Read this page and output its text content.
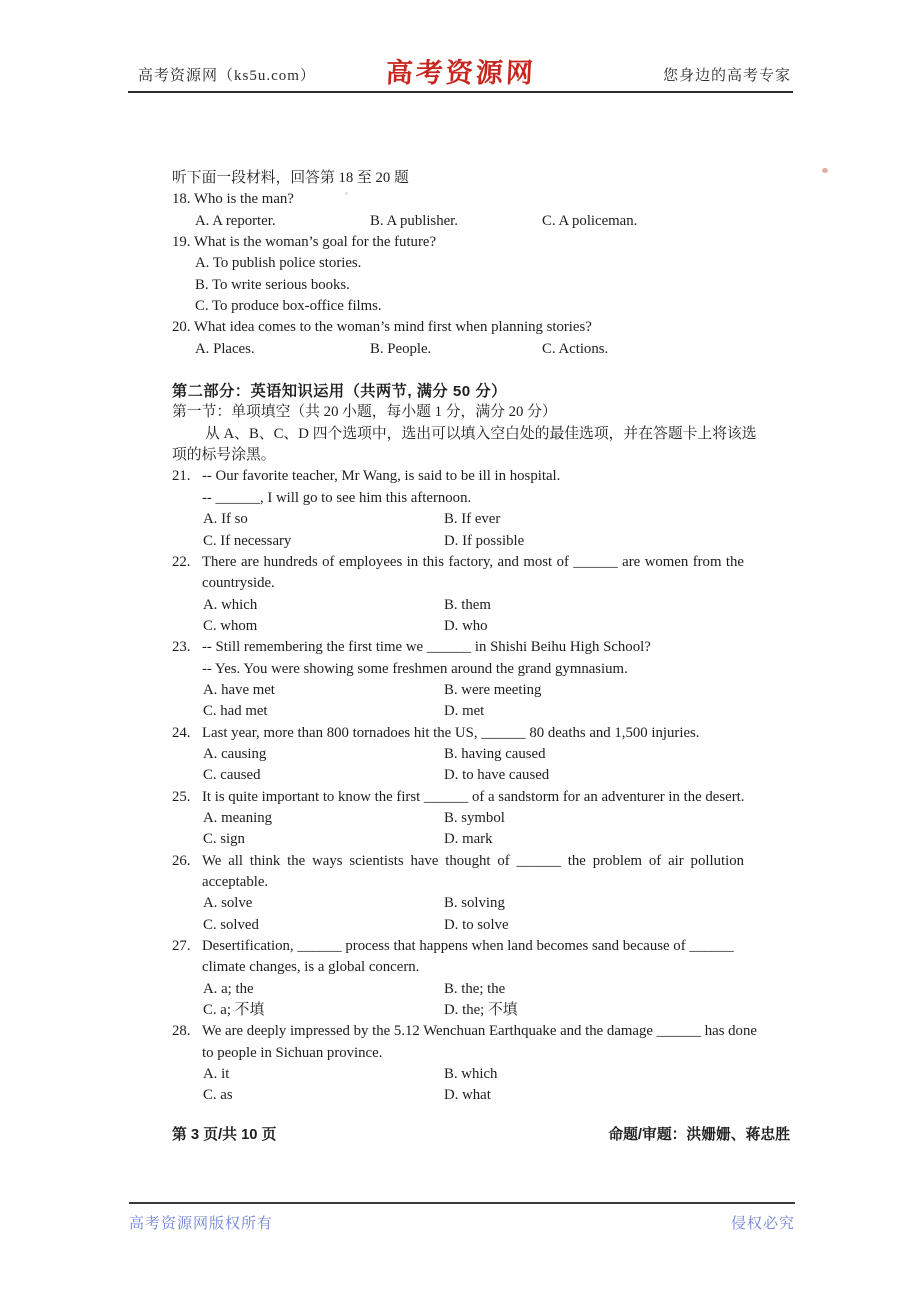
高考资源网（ks5u.com）	高考资源网	您身边的高考专家
听下面一段材料，回答第 18 至 20 题
18. Who is the man?
A. A reporter.	B. A publisher.	C. A policeman.
19. What is the woman’s goal for the future?
A. To publish police stories.
B. To write serious books.
C. To produce box-office films.
20. What idea comes to the woman’s mind first when planning stories?
A. Places.	B. People.	C. Actions.
第二部分：英语知识运用（共两节, 满分 50 分）
第一节：单项填空（共 20 小题，每小题 1 分，满分 20 分）
从 A、B、C、D 四个选项中，选出可以填入空白处的最佳选项，并在答题卡上将该选
项的标号涂黑。
21. -- Our favorite teacher, Mr Wang, is said to be ill in hospital.
-- ______, I will go to see him this afternoon.
A. If so	B. If ever
C. If necessary	D. If possible
22. There are hundreds of employees in this factory, and most of ______ are women from the
countryside.
A. which	B. them
C. whom	D. who
23. -- Still remembering the first time we ______ in Shishi Beihu High School?
-- Yes. You were showing some freshmen around the grand gymnasium.
A. have met	B. were meeting
C. had met	D. met
24. Last year, more than 800 tornadoes hit the US, ______ 80 deaths and 1,500 injuries.
A. causing	B. having caused
C. caused	D. to have caused
25. It is quite important to know the first ______ of a sandstorm for an adventurer in the desert.
A. meaning	B. symbol
C. sign	D. mark
26. We all think the ways scientists have thought of ______ the problem of air pollution
acceptable.
A. solve	B. solving
C. solved	D. to solve
27. Desertification, ______ process that happens when land becomes sand because of ______
climate changes, is a global concern.
A. a; the	B. the; the
C. a; 不填	D. the; 不填
28. We are deeply impressed by the 5.12 Wenchuan Earthquake and the damage ______ has done
to people in Sichuan province.
A. it	B. which
C. as	D. what
第 3 页/共 10 页	命题/审题：洪姗姗、蒋忠胜
高考资源网版权所有	侵权必究
